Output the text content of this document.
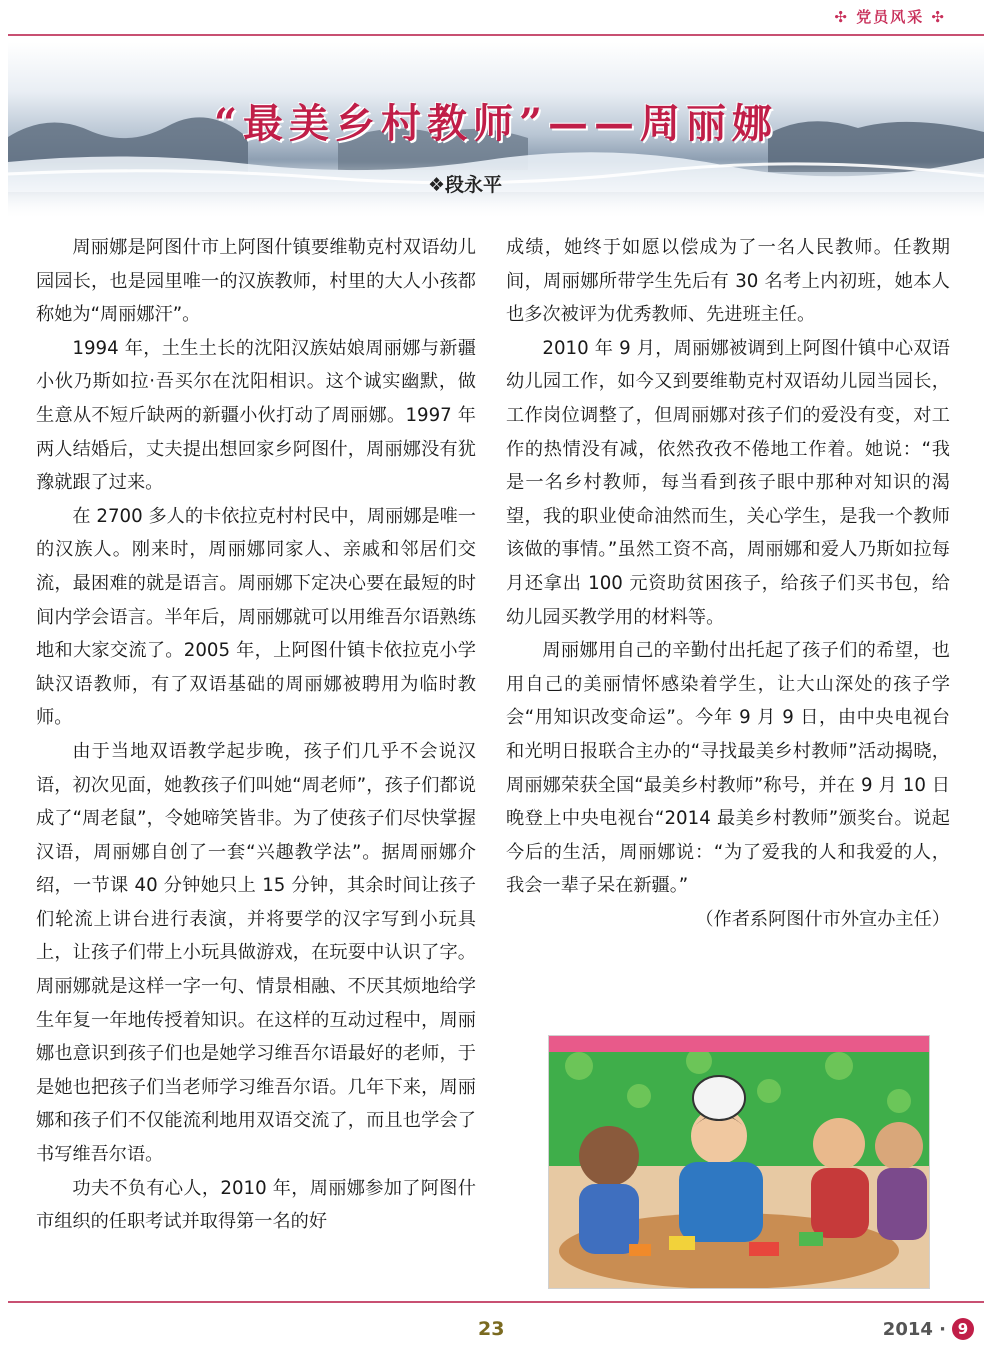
✣ 党员风采 ✣
“最美乡村教师”——周丽娜
❖段永平

周丽娜是阿图什市上阿图什镇要维勒克村双语幼儿园园长，也是园里唯一的汉族教师，村里的大人小孩都称她为“周丽娜汗”。

1994 年，土生土长的沈阳汉族姑娘周丽娜与新疆小伙乃斯如拉·吾买尔在沈阳相识。这个诚实幽默，做生意从不短斤缺两的新疆小伙打动了周丽娜。1997 年两人结婚后，丈夫提出想回家乡阿图什，周丽娜没有犹豫就跟了过来。

在 2700 多人的卡依拉克村村民中，周丽娜是唯一的汉族人。刚来时，周丽娜同家人、亲戚和邻居们交流，最困难的就是语言。周丽娜下定决心要在最短的时间内学会语言。半年后，周丽娜就可以用维吾尔语熟练地和大家交流了。2005 年，上阿图什镇卡依拉克小学缺汉语教师，有了双语基础的周丽娜被聘用为临时教师。

由于当地双语教学起步晚，孩子们几乎不会说汉语，初次见面，她教孩子们叫她“周老师”，孩子们都说成了“周老鼠”，令她啼笑皆非。为了使孩子们尽快掌握汉语，周丽娜自创了一套“兴趣教学法”。据周丽娜介绍，一节课 40 分钟她只上 15 分钟，其余时间让孩子们轮流上讲台进行表演，并将要学的汉字写到小玩具上，让孩子们带上小玩具做游戏，在玩耍中认识了字。周丽娜就是这样一字一句、情景相融、不厌其烦地给学生年复一年地传授着知识。在这样的互动过程中，周丽娜也意识到孩子们也是她学习维吾尔语最好的老师，于是她也把孩子们当老师学习维吾尔语。几年下来，周丽娜和孩子们不仅能流利地用双语交流了，而且也学会了书写维吾尔语。

功夫不负有心人，2010 年，周丽娜参加了阿图什市组织的任职考试并取得第一名的好

成绩，她终于如愿以偿成为了一名人民教师。任教期间，周丽娜所带学生先后有 30 名考上内初班，她本人也多次被评为优秀教师、先进班主任。

2010 年 9 月，周丽娜被调到上阿图什镇中心双语幼儿园工作，如今又到要维勒克村双语幼儿园当园长，工作岗位调整了，但周丽娜对孩子们的爱没有变，对工作的热情没有减，依然孜孜不倦地工作着。她说：“我是一名乡村教师，每当看到孩子眼中那种对知识的渴望，我的职业使命油然而生，关心学生，是我一个教师该做的事情。”虽然工资不高，周丽娜和爱人乃斯如拉每月还拿出 100 元资助贫困孩子，给孩子们买书包，给幼儿园买教学用的材料等。

周丽娜用自己的辛勤付出托起了孩子们的希望，也用自己的美丽情怀感染着学生，让大山深处的孩子学会“用知识改变命运”。今年 9 月 9 日，由中央电视台和光明日报联合主办的“寻找最美乡村教师”活动揭晓，周丽娜荣获全国“最美乡村教师”称号，并在 9 月 10 日晚登上中央电视台“2014 最美乡村教师”颁奖台。说起今后的生活，周丽娜说：“为了爱我的人和我爱的人，我会一辈子呆在新疆。”

（作者系阿图什市外宣办主任）

23	2014 · 9
